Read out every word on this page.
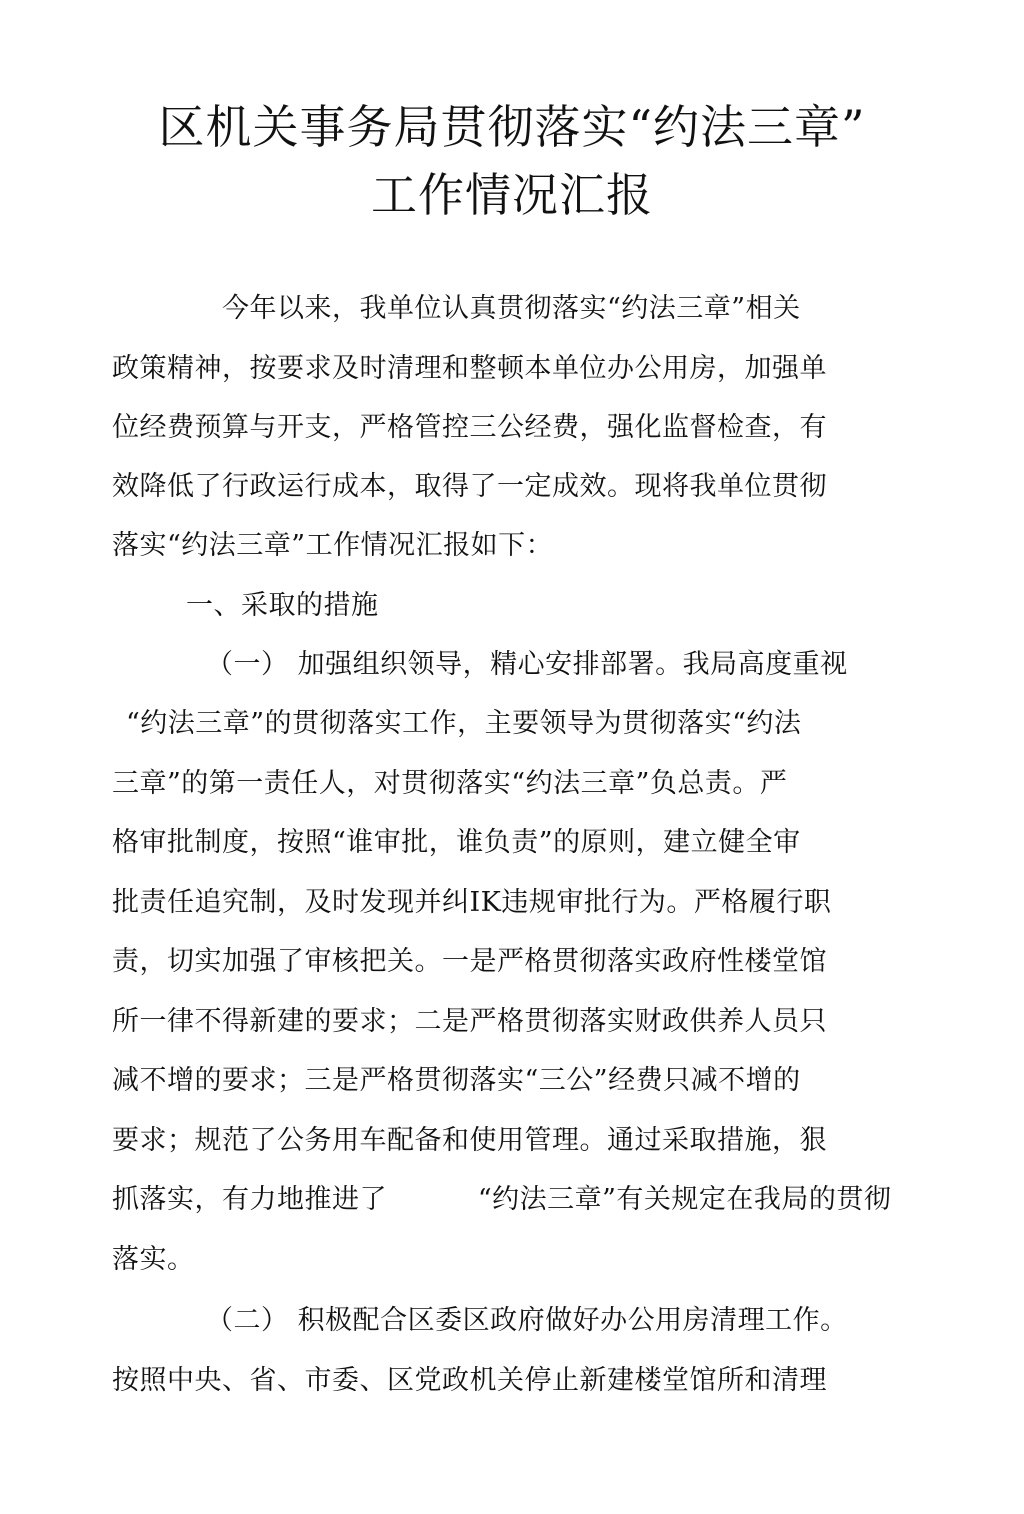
区机关事务局贯彻落实“约法三章”
工作情况汇报
今年以来，我单位认真贯彻落实“约法三章”相关
政策精神，按要求及时清理和整顿本单位办公用房，加强单
位经费预算与开支，严格管控三公经费，强化监督检查，有
效降低了行政运行成本，取得了一定成效。现将我单位贯彻
落实“约法三章”工作情况汇报如下：
一、采取的措施
（一） 加强组织领导，精心安排部署。我局高度重视
“约法三章”的贯彻落实工作，主要领导为贯彻落实“约法
三章”的第一责任人，对贯彻落实“约法三章”负总责。严
格审批制度，按照“谁审批，谁负责”的原则，建立健全审
批责任追究制，及时发现并纠IK违规审批行为。严格履行职
责，切实加强了审核把关。一是严格贯彻落实政府性楼堂馆
所一律不得新建的要求；二是严格贯彻落实财政供养人员只
减不增的要求；三是严格贯彻落实“三公”经费只减不增的
要求；规范了公务用车配备和使用管理。通过采取措施，狠
抓落实，有力地推进了          “约法三章”有关规定在我局的贯彻
落实。
（二） 积极配合区委区政府做好办公用房清理工作。
按照中央、省、市委、区党政机关停止新建楼堂馆所和清理
